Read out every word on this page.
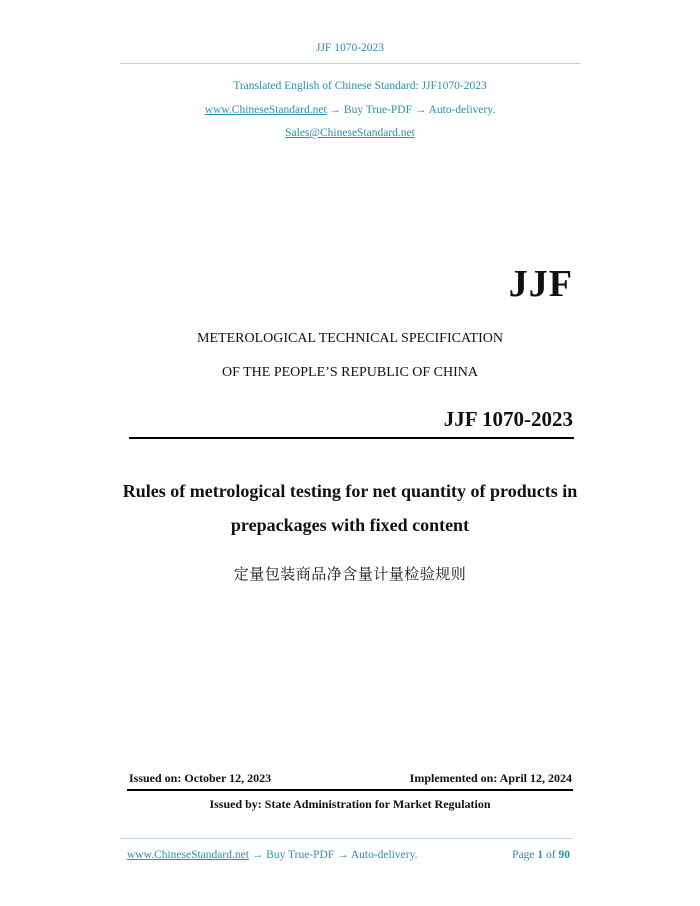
JJF 1070-2023
Translated English of Chinese Standard: JJF1070-2023
www.ChineseStandard.net → Buy True-PDF → Auto-delivery.
Sales@ChineseStandard.net
JJF
METEROLOGICAL TECHNICAL SPECIFICATION
OF THE PEOPLE’S REPUBLIC OF CHINA
JJF 1070-2023
Rules of metrological testing for net quantity of products in
prepackages with fixed content
定量包装商品净含量计量检验规则
Issued on: October 12, 2023	Implemented on: April 12, 2024
Issued by: State Administration for Market Regulation
www.ChineseStandard.net → Buy True-PDF → Auto-delivery.	Page 1 of 90
